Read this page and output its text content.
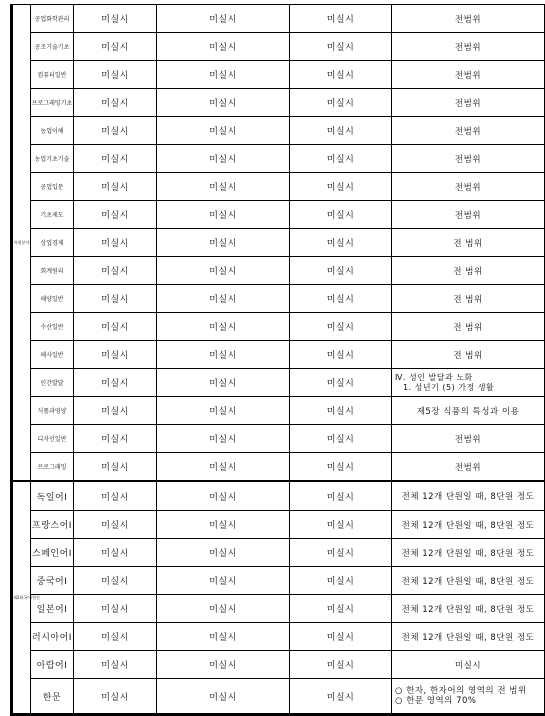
특정분야	공업화학관리	미실시	미실시	미실시	전범위

	공조기술기초	미실시	미실시	미실시	전범위

	컴퓨터일반	미실시	미실시	미실시	전범위

	프로그래밍기초	미실시	미실시	미실시	전범위

	농업이해	미실시	미실시	미실시	전범위

	농업기초기술	미실시	미실시	미실시	전범위

	공업입문	미실시	미실시	미실시	전범위

	기초제도	미실시	미실시	미실시	전범위

	상업경제	미실시	미실시	미실시	전 범위

	회계원리	미실시	미실시	미실시	전 범위

	해양일반	미실시	미실시	미실시	전 범위

	수산일반	미실시	미실시	미실시	전 범위

	해사일반	미실시	미실시	미실시	전 범위

	인간발달	미실시	미실시	미실시	Ⅳ. 성인 발달과 노화
1. 성년기 (5) 가정 생활

	식품과영양	미실시	미실시	미실시	제5장 식품의 특성과 이용

	디자인일반	미실시	미실시	미실시	전범위

	프로그래밍	미실시	미실시	미실시	전범위

제2외국어/한문	독일어Ⅰ	미실시	미실시	미실시	전체 12개 단원일 때, 8단원 정도

	프랑스어Ⅰ	미실시	미실시	미실시	전체 12개 단원일 때, 8단원 정도

	스페인어Ⅰ	미실시	미실시	미실시	전체 12개 단원일 때, 8단원 정도

	중국어Ⅰ	미실시	미실시	미실시	전체 12개 단원일 때, 8단원 정도

	일본어Ⅰ	미실시	미실시	미실시	전체 12개 단원일 때, 8단원 정도

	러시아어Ⅰ	미실시	미실시	미실시	전체 12개 단원일 때, 8단원 정도

	아랍어Ⅰ	미실시	미실시	미실시	미실시

	한문	미실시	미실시	미실시	○ 한자, 한자어의 영역의 전 범위
○ 한문 영역의 70%
